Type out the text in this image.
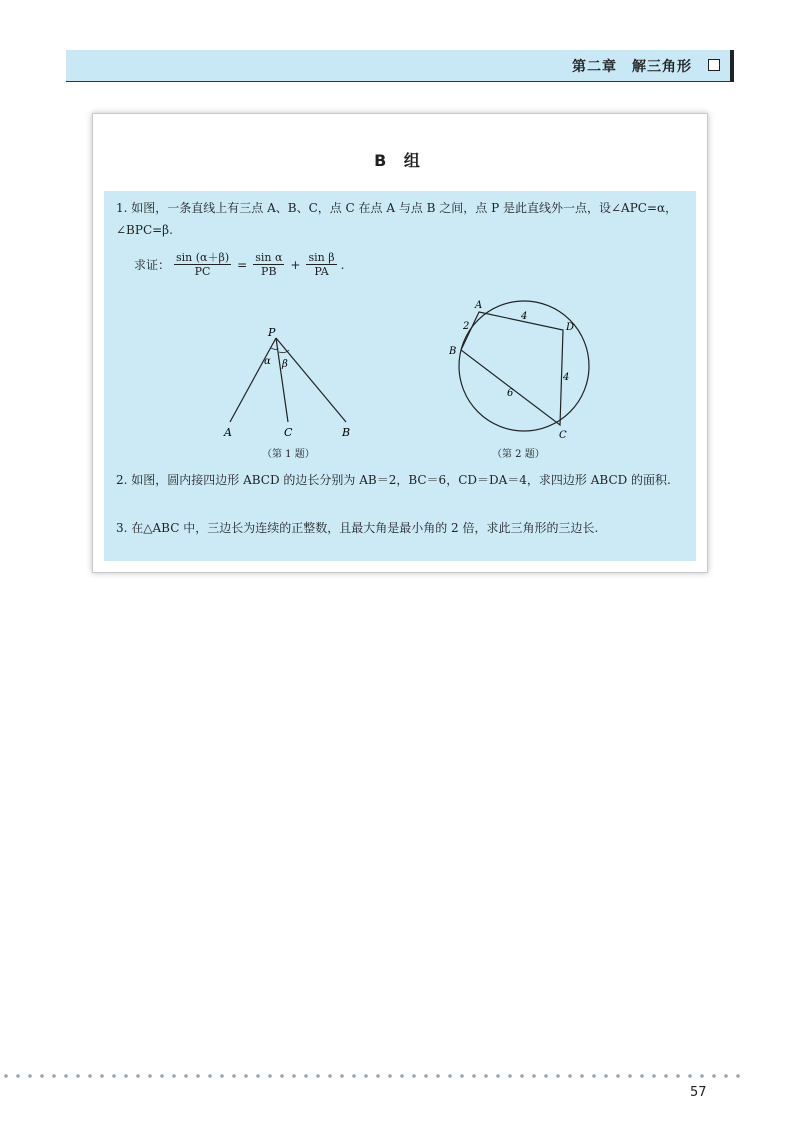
第二章　解三角形
B 组
1. 如图，一条直线上有三点 A、B、C，点 C 在点 A 与点 B 之间，点 P 是此直线外一点，设∠APC=α，∠BPC=β.
求证： $\frac{\sin (\alpha+\beta)}{PC} = \frac{\text{sin α}}{PB} + \frac{\text{sin β}}{PA}$ .
P
α β
A	C	B
（第 1 题）
A
D
B
C
2
4
6
4
（第 2 题）
2. 如图，圆内接四边形 ABCD 的边长分别为 AB＝2，BC＝6，CD＝DA＝4，求四边形 ABCD 的面积.
3. 在△ABC 中，三边长为连续的正整数，且最大角是最小角的 2 倍，求此三角形的三边长.
57
